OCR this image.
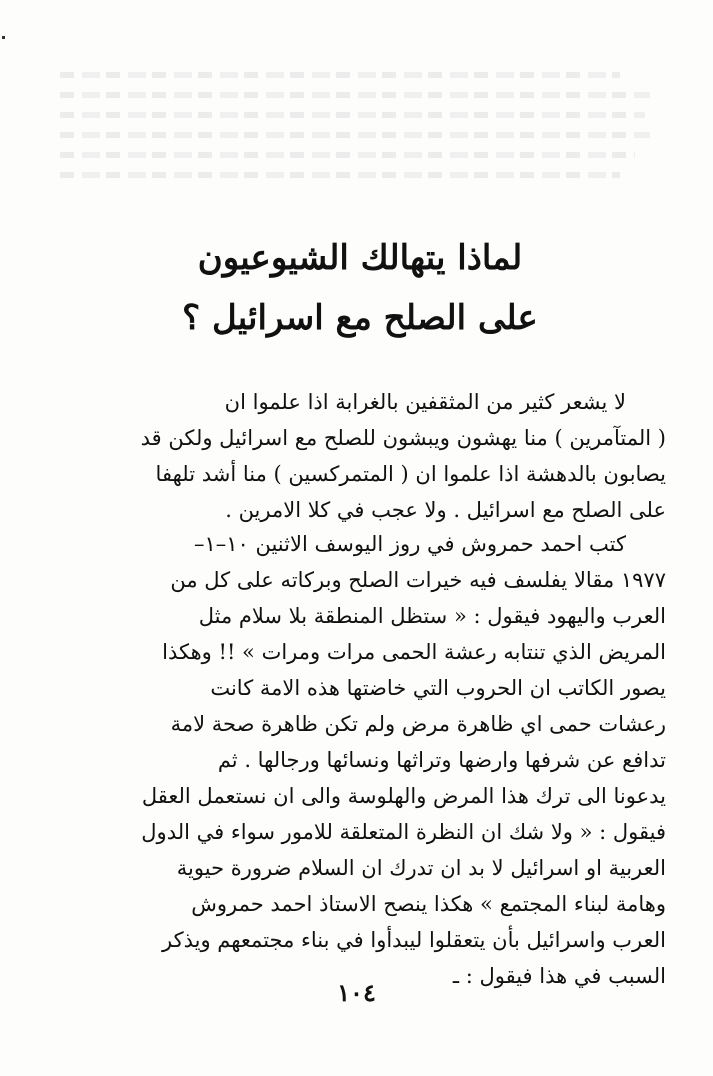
لماذا يتهالك الشيوعيون
على الصلح مع اسرائيل ؟

لا يشعر كثير من المثقفين بالغرابة اذا علموا ان
( المتآمرين ) منا يهشون ويبشون للصلح مع اسرائيل ولكن قد
يصابون بالدهشة اذا علموا ان ( المتمركسين ) منا أشد تلهفا
على الصلح مع اسرائيل . ولا عجب في كلا الامرين .

كتب احمد حمروش في روز اليوسف الاثنين ١٠–١–
١٩٧٧ مقالا يفلسف فيه خيرات الصلح وبركاته على كل من
العرب واليهود فيقول : « ستظل المنطقة بلا سلام مثل
المريض الذي تنتابه رعشة الحمى مرات ومرات » !! وهكذا
يصور الكاتب ان الحروب التي خاضتها هذه الامة كانت
رعشات حمى اي ظاهرة مرض ولم تكن ظاهرة صحة لامة
تدافع عن شرفها وارضها وتراثها ونسائها ورجالها . ثم
يدعونا الى ترك هذا المرض والهلوسة والى ان نستعمل العقل
فيقول : « ولا شك ان النظرة المتعلقة للامور سواء في الدول
العربية او اسرائيل لا بد ان تدرك ان السلام ضرورة حيوية
وهامة لبناء المجتمع » هكذا ينصح الاستاذ احمد حمروش
العرب واسرائيل بأن يتعقلوا ليبدأوا في بناء مجتمعهم ويذكر
السبب في هذا فيقول : ـ

١٠٤
